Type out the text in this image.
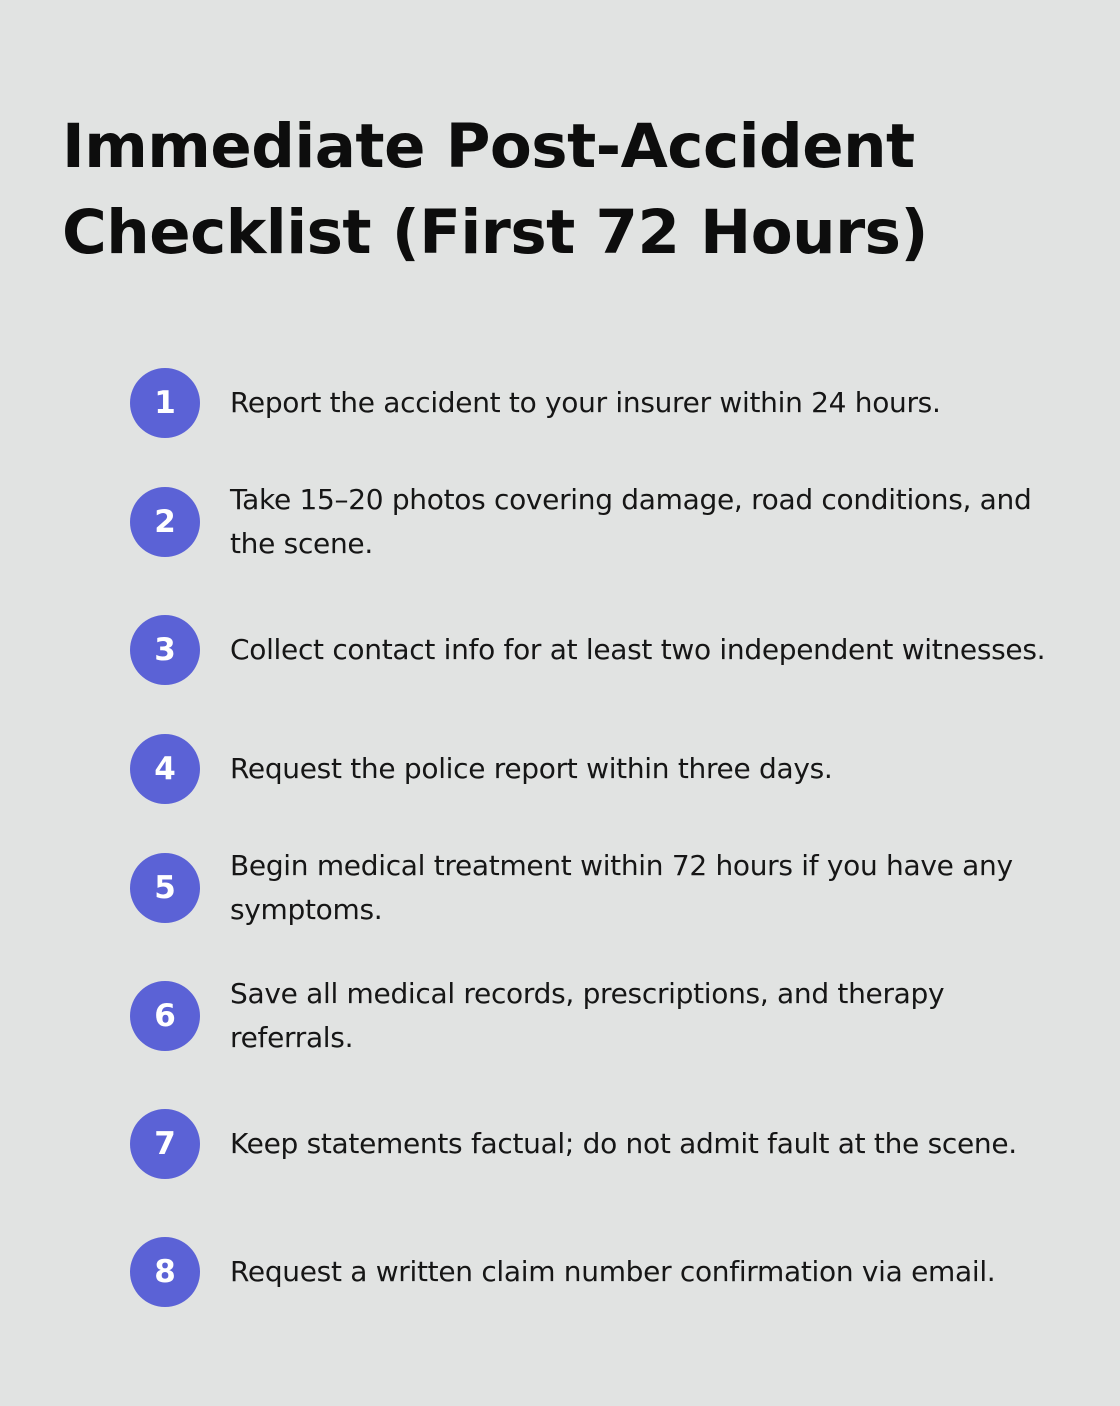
Immediate Post-Accident
Checklist (First 72 Hours)
1	Report the accident to your insurer within 24 hours.
2
Take 15–20 photos covering damage, road conditions, and the scene.
3	Collect contact info for at least two independent witnesses.
4	Request the police report within three days.
5
Begin medical treatment within 72 hours if you have any symptoms.
6
Save all medical records, prescriptions, and therapy referrals.
7	Keep statements factual; do not admit fault at the scene.
8	Request a written claim number confirmation via email.
